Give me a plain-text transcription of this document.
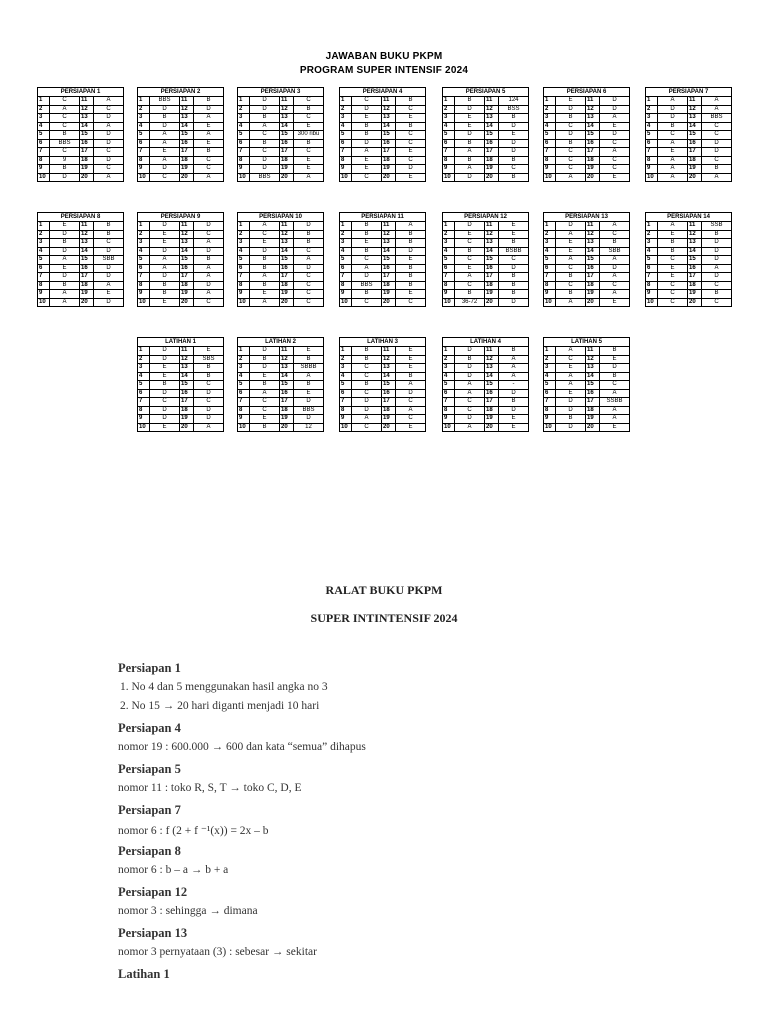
JAWABAN BUKU PKPM
PROGRAM SUPER INTENSIF 2024
PERSIAPAN 1			
1	C	11	A
2	A	12	C
3	C	13	D
4	C	14	A
5	B	15	D
6	BBS	16	D
7	C	17	C
8	9	18	D
9	B	19	C
10	D	20	A
PERSIAPAN 2			
1	BBS	11	B
2	D	12	D
3	B	13	A
4	D	14	E
5	A	15	A
6	A	16	E
7	E	17	B
8	A	18	C
9	D	19	C
10	C	20	A
PERSIAPAN 3			
1	D	11	C
2	D	12	B
3	B	13	C
4	A	14	E
5	C	15	300 ribu
6	B	16	B
7	C	17	C
8	D	18	E
9	D	19	E
10	BBS	20	A
PERSIAPAN 4			
1	C	11	B
2	D	12	C
3	E	13	E
4	B	14	B
5	B	15	C
6	D	16	C
7	A	17	E
8	E	18	C
9	E	19	D
10	C	20	E
PERSIAPAN 5			
1	B	11	124
2	D	12	BSS
3	E	13	B
4	E	14	D
5	D	15	E
6	B	16	D
7	A	17	D
8	B	18	B
9	A	19	C
10	D	20	B
PERSIAPAN 6			
1	E	11	D
2	D	12	D
3	B	13	A
4	C	14	E
5	D	15	D
6	B	16	C
7	C	17	A
8	C	18	C
9	C	19	C
10	A	20	E
PERSIAPAN 7			
1	A	11	A
2	D	12	A
3	D	13	BBS
4	B	14	C
5	C	15	C
6	A	16	D
7	E	17	D
8	A	18	C
9	A	19	B
10	A	20	A
PERSIAPAN 8			
1	E	11	B
2	D	12	B
3	B	13	C
4	D	14	D
5	A	15	SBB
6	E	16	D
7	D	17	D
8	B	18	A
9	A	19	E
10	A	20	D
PERSIAPAN 9			
1	D	11	D
2	E	12	C
3	E	13	A
4	D	14	D
5	A	15	B
6	A	16	A
7	D	17	A
8	B	18	D
9	B	19	A
10	E	20	C
PERSIAPAN 10			
1	A	11	D
2	C	12	B
3	E	13	B
4	D	14	C
5	B	15	A
6	B	16	D
7	A	17	C
8	B	18	C
9	E	19	C
10	A	20	C
PERSIAPAN 11			
1	B	11	A
2	B	12	B
3	E	13	B
4	B	14	D
5	C	15	E
6	A	16	B
7	D	17	B
8	BBS	18	B
9	B	19	E
10	C	20	C
PERSIAPAN 12			
1	D	11	E
2	E	12	E
3	C	13	B
4	B	14	BSBB
5	C	15	C
6	E	16	D
7	A	17	B
8	C	18	B
9	B	19	B
10	36-72	20	D
PERSIAPAN 13			
1	D	11	A
2	A	12	C
3	E	13	B
4	E	14	SBB
5	A	15	A
6	C	16	D
7	B	17	A
8	C	18	C
9	B	19	A
10	A	20	E
PERSIAPAN 14			
1	A	11	SSB
2	E	12	B
3	B	13	D
4	B	14	D
5	C	15	D
6	E	16	A
7	E	17	D
8	C	18	C
9	C	19	B
10	C	20	C
LATIHAN 1			
1	D	11	E
2	D	12	SBS
3	E	13	B
4	E	14	B
5	B	15	C
6	D	16	D
7	C	17	C
8	D	18	D
9	D	19	D
10	E	20	A
LATIHAN 2			
1	D	11	E
2	B	12	B
3	D	13	SBBB
4	E	14	A
5	B	15	B
6	A	16	E
7	C	17	D
8	C	18	BBS
9	E	19	D
10	B	20	12
LATIHAN 3			
1	B	11	E
2	B	12	E
3	C	13	E
4	C	14	B
5	B	15	A
6	C	16	D
7	D	17	C
8	D	18	A
9	A	19	C
10	C	20	E
LATIHAN 4			
1	D	11	B
2	B	12	A
3	D	13	A
4	D	14	A
5	A	15	-
6	A	16	D
7	C	17	B
8	C	18	D
9	D	19	E
10	A	20	E
LATIHAN 5			
1	A	11	B
2	C	12	E
3	E	13	D
4	A	14	B
5	A	15	C
6	E	16	A
7	D	17	SSBB
8	D	18	A
9	B	19	A
10	D	20	E
RALAT BUKU PKPM
SUPER INTINTENSIF 2024
Persiapan 1
1. No 4 dan 5 menggunakan hasil angka no 3
2. No 15 → 20 hari diganti menjadi 10 hari
Persiapan 4
nomor 19 : 600.000 → 600 dan kata “semua” dihapus
Persiapan 5
nomor 11 : toko R, S, T → toko C, D, E
Persiapan 7
nomor 6 : f (2 + f ⁻¹(x)) = 2x – b
Persiapan 8
nomor 6 : b – a → b + a
Persiapan 12
nomor 3 : sehingga → dimana
Persiapan 13
nomor 3 pernyataan (3) : sebesar → sekitar
Latihan 1
